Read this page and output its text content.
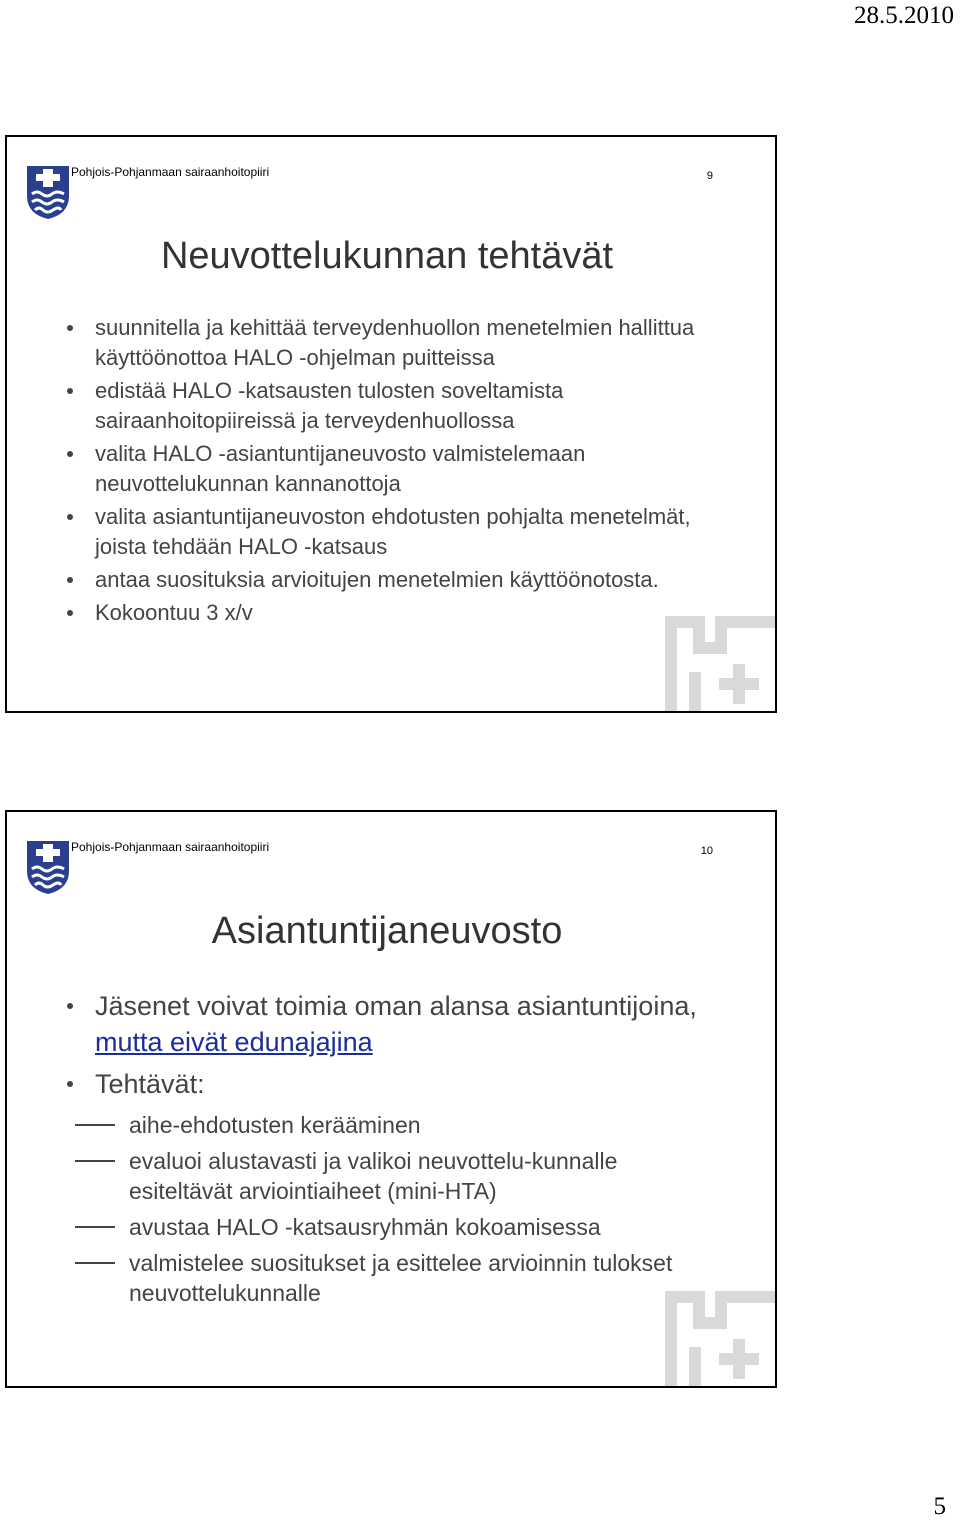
28.5.2010
Pohjois-Pohjanmaan sairaanhoitopiiri	9
Neuvottelukunnan tehtävät
suunnitella ja kehittää terveydenhuollon menetelmien hallittua käyttöönottoa HALO -ohjelman puitteissa
edistää HALO -katsausten tulosten soveltamista sairaanhoitopiireissä ja terveydenhuollossa
valita HALO -asiantuntijaneuvosto valmistelemaan neuvottelukunnan kannanottoja
valita asiantuntijaneuvoston ehdotusten pohjalta menetelmät, joista tehdään HALO -katsaus
antaa suosituksia arvioitujen menetelmien käyttöönotosta.
Kokoontuu 3 x/v
Pohjois-Pohjanmaan sairaanhoitopiiri	10
Asiantuntijaneuvosto
Jäsenet voivat toimia oman alansa asiantuntijoina, mutta eivät edunajajina
Tehtävät:
aihe-ehdotusten kerääminen
evaluoi alustavasti ja valikoi neuvottelu-kunnalle esiteltävät arviointiaiheet (mini-HTA)
avustaa HALO -katsausryhmän kokoamisessa
valmistelee suositukset ja esittelee arvioinnin tulokset neuvottelukunnalle
5
